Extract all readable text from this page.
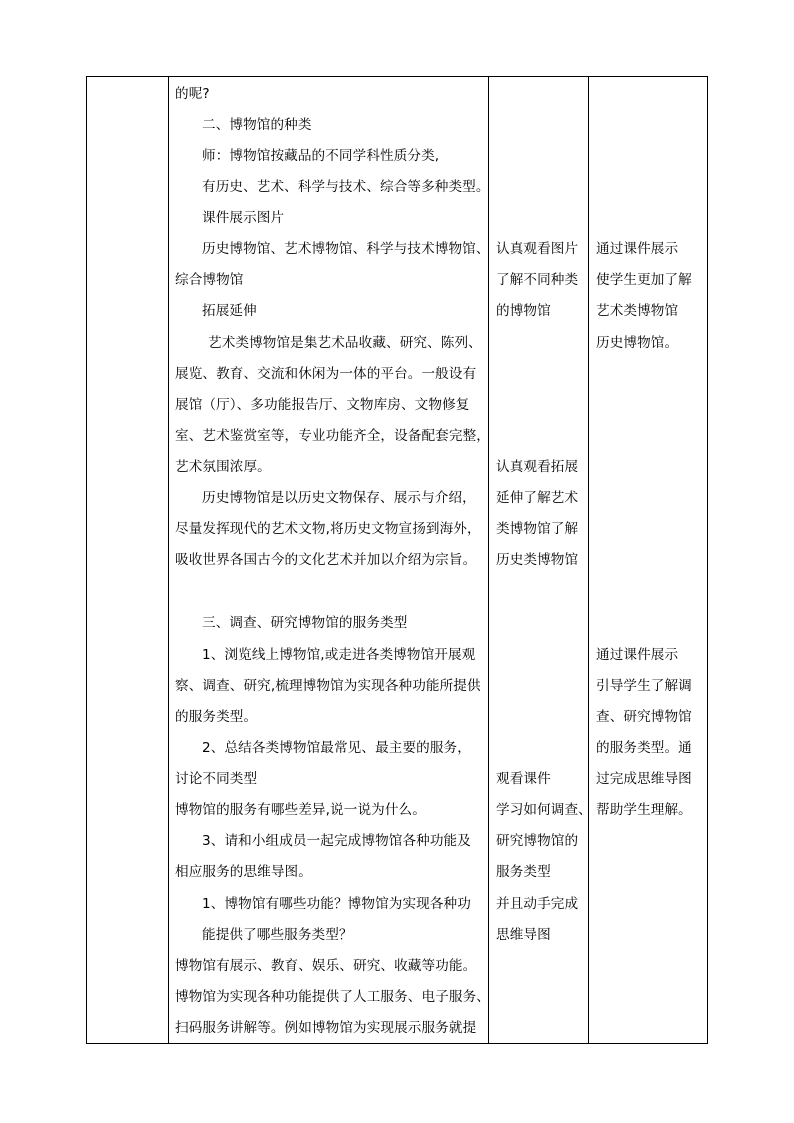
的呢?
二、博物馆的种类
师：博物馆按藏品的不同学科性质分类,
有历史、艺术、科学与技术、综合等多种类型。
课件展示图片
历史博物馆、艺术博物馆、科学与技术博物馆、
综合博物馆
拓展延伸
艺术类博物馆是集艺术品收藏、研究、陈列、
展览、教育、交流和休闲为一体的平台。一般设有
展馆（厅）、多功能报告厅、文物库房、文物修复
室、艺术鉴赏室等，专业功能齐全，设备配套完整，
艺术氛围浓厚。
历史博物馆是以历史文物保存、展示与介绍，
尽量发挥现代的艺术文物,将历史文物宣扬到海外，
吸收世界各国古今的文化艺术并加以介绍为宗旨。
三、调查、研究博物馆的服务类型
1、浏览线上博物馆,或走进各类博物馆开展观
察、调查、研究,梳理博物馆为实现各种功能所提供
的服务类型。
2、总结各类博物馆最常见、最主要的服务，
讨论不同类型
博物馆的服务有哪些差异,说一说为什么。
3、请和小组成员一起完成博物馆各种功能及
相应服务的思维导图。
1、博物馆有哪些功能？博物馆为实现各种功
能提供了哪些服务类型？
博物馆有展示、教育、娱乐、研究、收藏等功能。
博物馆为实现各种功能提供了人工服务、电子服务、
扫码服务讲解等。例如博物馆为实现展示服务就提
认真观看图片
了解不同种类
的博物馆
认真观看拓展
延伸了解艺术
类博物馆了解
历史类博物馆
观看课件
学习如何调查、
研究博物馆的
服务类型
并且动手完成
思维导图
通过课件展示
使学生更加了解
艺术类博物馆
历史博物馆。
通过课件展示
引导学生了解调
查、研究博物馆
的服务类型。通
过完成思维导图
帮助学生理解。
